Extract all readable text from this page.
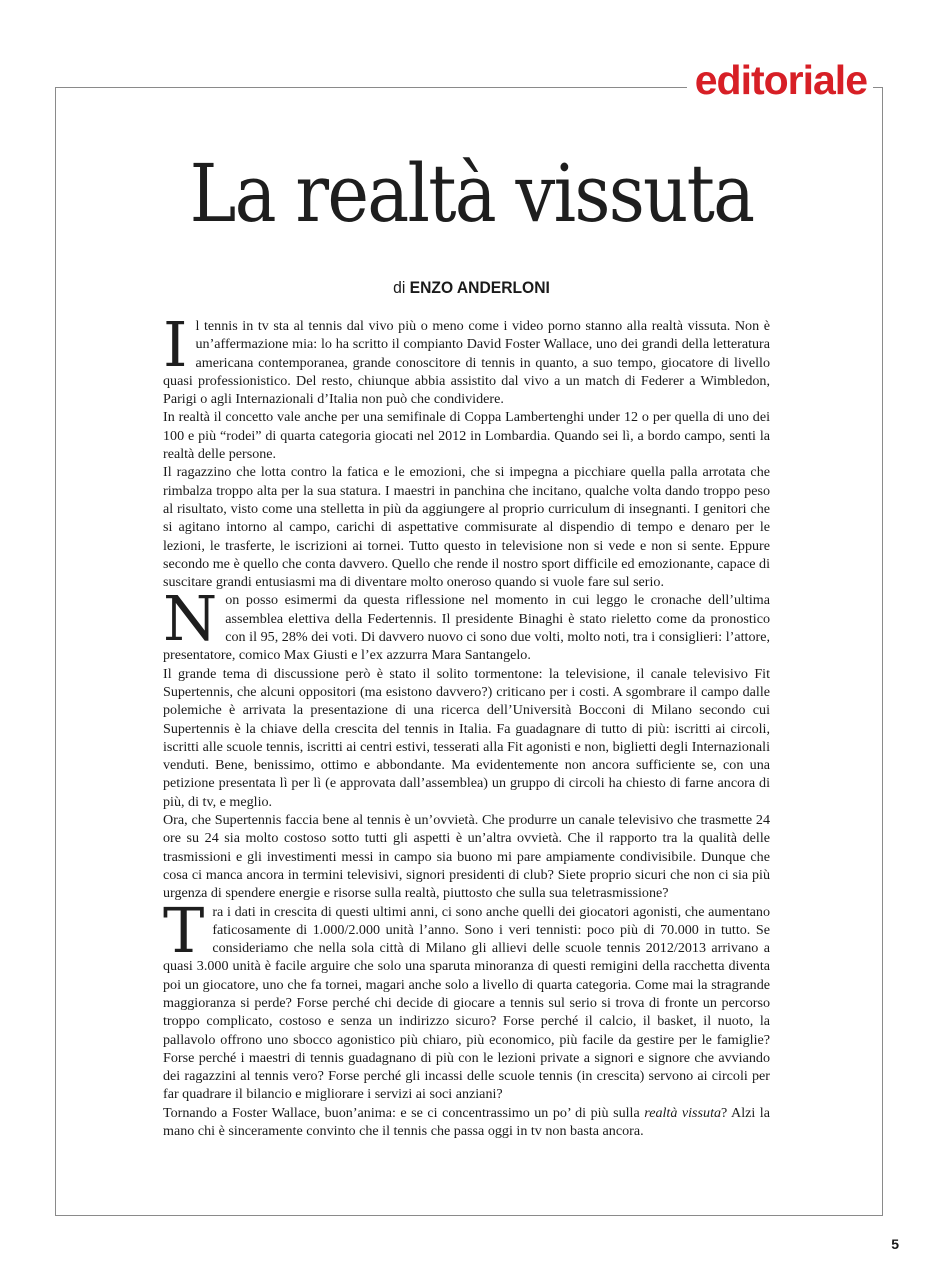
editoriale
La realtà vissuta
di ENZO ANDERLONI

Il tennis in tv sta al tennis dal vivo più o meno come i video porno stanno alla realtà vissuta. Non è un’affermazione mia: lo ha scritto il compianto David Foster Wallace, uno dei grandi della letteratura americana contemporanea, grande conoscitore di tennis in quanto, a suo tempo, giocatore di livello quasi professionistico. Del resto, chiunque abbia assistito dal vivo a un match di Federer a Wimbledon, Parigi o agli Internazionali d’Italia non può che condividere.

In realtà il concetto vale anche per una semifinale di Coppa Lambertenghi under 12 o per quella di uno dei 100 e più “rodei” di quarta categoria giocati nel 2012 in Lombardia. Quando sei lì, a bordo campo, senti la realtà delle persone.

Il ragazzino che lotta contro la fatica e le emozioni, che si impegna a picchiare quella palla arrotata che rimbalza troppo alta per la sua statura. I maestri in panchina che incitano, qualche volta dando troppo peso al risultato, visto come una stelletta in più da aggiungere al proprio curriculum di insegnanti. I genitori che si agitano intorno al campo, carichi di aspettative commisurate al dispendio di tempo e denaro per le lezioni, le trasferte, le iscrizioni ai tornei. Tutto questo in televisione non si vede e non si sente. Eppure secondo me è quello che conta davvero. Quello che rende il nostro sport difficile ed emozionante, capace di suscitare grandi entusiasmi ma di diventare molto oneroso quando si vuole fare sul serio.

Non posso esimermi da questa riflessione nel momento in cui leggo le cronache dell’ultima assemblea elettiva della Federtennis. Il presidente Binaghi è stato rieletto come da pronostico con il 95, 28% dei voti. Di davvero nuovo ci sono due volti, molto noti, tra i consiglieri: l’attore, presentatore, comico Max Giusti e l’ex azzurra Mara Santangelo.

Il grande tema di discussione però è stato il solito tormentone: la televisione, il canale televisivo Fit Supertennis, che alcuni oppositori (ma esistono davvero?) criticano per i costi. A sgombrare il campo dalle polemiche è arrivata la presentazione di una ricerca dell’Università Bocconi di Milano secondo cui Supertennis è la chiave della crescita del tennis in Italia. Fa guadagnare di tutto di più: iscritti ai circoli, iscritti alle scuole tennis, iscritti ai centri estivi, tesserati alla Fit agonisti e non, biglietti degli Internazionali venduti. Bene, benissimo, ottimo e abbondante. Ma evidentemente non ancora sufficiente se, con una petizione presentata lì per lì (e approvata dall’assemblea) un gruppo di circoli ha chiesto di farne ancora di più, di tv, e meglio.

Ora, che Supertennis faccia bene al tennis è un’ovvietà. Che produrre un canale televisivo che trasmette 24 ore su 24 sia molto costoso sotto tutti gli aspetti è un’altra ovvietà. Che il rapporto tra la qualità delle trasmissioni e gli investimenti messi in campo sia buono mi pare ampiamente condivisibile. Dunque che cosa ci manca ancora in termini televisivi, signori presidenti di club? Siete proprio sicuri che non ci sia più urgenza di spendere energie e risorse sulla realtà, piuttosto che sulla sua teletrasmissione?

Tra i dati in crescita di questi ultimi anni, ci sono anche quelli dei giocatori agonisti, che aumentano faticosamente di 1.000/2.000 unità l’anno. Sono i veri tennisti: poco più di 70.000 in tutto. Se consideriamo che nella sola città di Milano gli allievi delle scuole tennis 2012/2013 arrivano a quasi 3.000 unità è facile arguire che solo una sparuta minoranza di questi remigini della racchetta diventa poi un giocatore, uno che fa tornei, magari anche solo a livello di quarta categoria. Come mai la stragrande maggioranza si perde? Forse perché chi decide di giocare a tennis sul serio si trova di fronte un percorso troppo complicato, costoso e senza un indirizzo sicuro? Forse perché il calcio, il basket, il nuoto, la pallavolo offrono uno sbocco agonistico più chiaro, più economico, più facile da gestire per le famiglie? Forse perché i maestri di tennis guadagnano di più con le lezioni private a signori e signore che avviando dei ragazzini al tennis vero? Forse perché gli incassi delle scuole tennis (in crescita) servono ai circoli per far quadrare il bilancio e migliorare i servizi ai soci anziani?

Tornando a Foster Wallace, buon’anima: e se ci concentrassimo un po’ di più sulla realtà vissuta? Alzi la mano chi è sinceramente convinto che il tennis che passa oggi in tv non basta ancora.

5
